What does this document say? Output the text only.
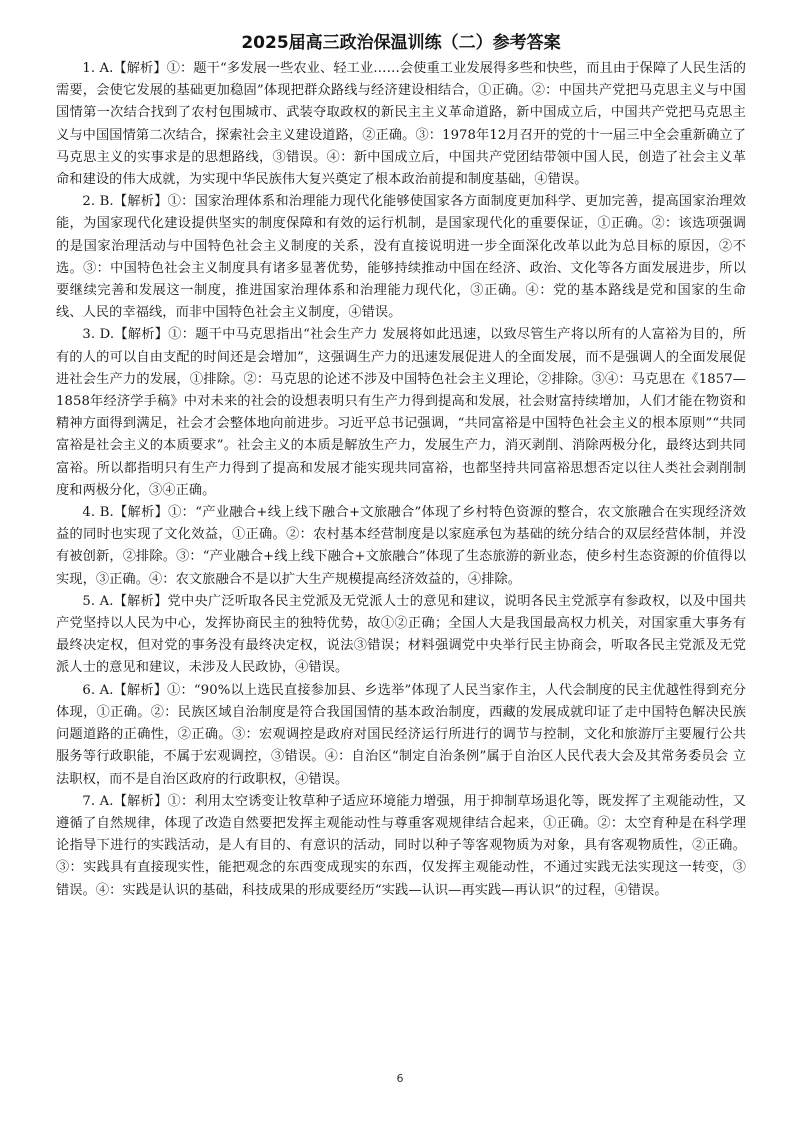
2025届高三政治保温训练（二）参考答案

1. A.【解析】①：题干“多发展一些农业、轻工业……会使重工业发展得多些和快些，而且由于保障了人民生活的需要，会使它发展的基础更加稳固”体现把群众路线与经济建设相结合，①正确。②：中国共产党把马克思主义与中国国情第一次结合找到了农村包围城市、武装夺取政权的新民主主义革命道路，新中国成立后，中国共产党把马克思主义与中国国情第二次结合，探索社会主义建设道路，②正确。③：1978年12月召开的党的十一届三中全会重新确立了马克思主义的实事求是的思想路线，③错误。④：新中国成立后，中国共产党团结带领中国人民，创造了社会主义革命和建设的伟大成就，为实现中华民族伟大复兴奠定了根本政治前提和制度基础，④错误。

2. B.【解析】①：国家治理体系和治理能力现代化能够使国家各方面制度更加科学、更加完善，提高国家治理效能，为国家现代化建设提供坚实的制度保障和有效的运行机制，是国家现代化的重要保证，①正确。②：该选项强调的是国家治理活动与中国特色社会主义制度的关系，没有直接说明进一步全面深化改革以此为总目标的原因，②不选。③：中国特色社会主义制度具有诸多显著优势，能够持续推动中国在经济、政治、文化等各方面发展进步，所以要继续完善和发展这一制度，推进国家治理体系和治理能力现代化，③正确。④：党的基本路线是党和国家的生命线、人民的幸福线，而非中国特色社会主义制度，④错误。

3. D.【解析】①：题干中马克思指出“社会生产力 发展将如此迅速，以致尽管生产将以所有的人富裕为目的，所有的人的可以自由支配的时间还是会增加”，这强调生产力的迅速发展促进人的全面发展，而不是强调人的全面发展促进社会生产力的发展，①排除。②：马克思的论述不涉及中国特色社会主义理论，②排除。③④：马克思在《1857—1858年经济学手稿》中对未来的社会的设想表明只有生产力得到提高和发展，社会财富持续增加，人们才能在物资和精神方面得到满足，社会才会整体地向前进步。习近平总书记强调，“共同富裕是中国特色社会主义的根本原则”“共同富裕是社会主义的本质要求”。社会主义的本质是解放生产力，发展生产力，消灭剥削、消除两极分化，最终达到共同富裕。所以都指明只有生产力得到了提高和发展才能实现共同富裕，也都坚持共同富裕思想否定以往人类社会剥削制度和两极分化，③④正确。

4. B.【解析】①：“产业融合+线上线下融合+文旅融合”体现了乡村特色资源的整合，农文旅融合在实现经济效益的同时也实现了文化效益，①正确。②：农村基本经营制度是以家庭承包为基础的统分结合的双层经营体制，并没有被创新，②排除。③：“产业融合+线上线下融合+文旅融合”体现了生态旅游的新业态，使乡村生态资源的价值得以实现，③正确。④：农文旅融合不是以扩大生产规模提高经济效益的，④排除。

5. A.【解析】党中央广泛听取各民主党派及无党派人士的意见和建议，说明各民主党派享有参政权，以及中国共产党坚持以人民为中心，发挥协商民主的独特优势，故①②正确；全国人大是我国最高权力机关，对国家重大事务有最终决定权，但对党的事务没有最终决定权，说法③错误；材料强调党中央举行民主协商会，听取各民主党派及无党派人士的意见和建议，未涉及人民政协，④错误。

6. A.【解析】①：“90%以上选民直接参加县、乡选举”体现了人民当家作主，人代会制度的民主优越性得到充分体现，①正确。②：民族区域自治制度是符合我国国情的基本政治制度，西藏的发展成就印证了走中国特色解决民族问题道路的正确性，②正确。③：宏观调控是政府对国民经济运行所进行的调节与控制，文化和旅游厅主要履行公共服务等行政职能，不属于宏观调控，③错误。④：自治区“制定自治条例”属于自治区人民代表大会及其常务委员会 立法职权，而不是自治区政府的行政职权，④错误。

7. A.【解析】①：利用太空诱变让牧草种子适应环境能力增强，用于抑制草场退化等，既发挥了主观能动性，又遵循了自然规律，体现了改造自然要把发挥主观能动性与尊重客观规律结合起来，①正确。②：太空育种是在科学理论指导下进行的实践活动，是人有目的、有意识的活动，同时以种子等客观物质为对象，具有客观物质性，②正确。③：实践具有直接现实性，能把观念的东西变成现实的东西，仅发挥主观能动性，不通过实践无法实现这一转变，③错误。④：实践是认识的基础，科技成果的形成要经历“实践—认识—再实践—再认识”的过程，④错误。

6
